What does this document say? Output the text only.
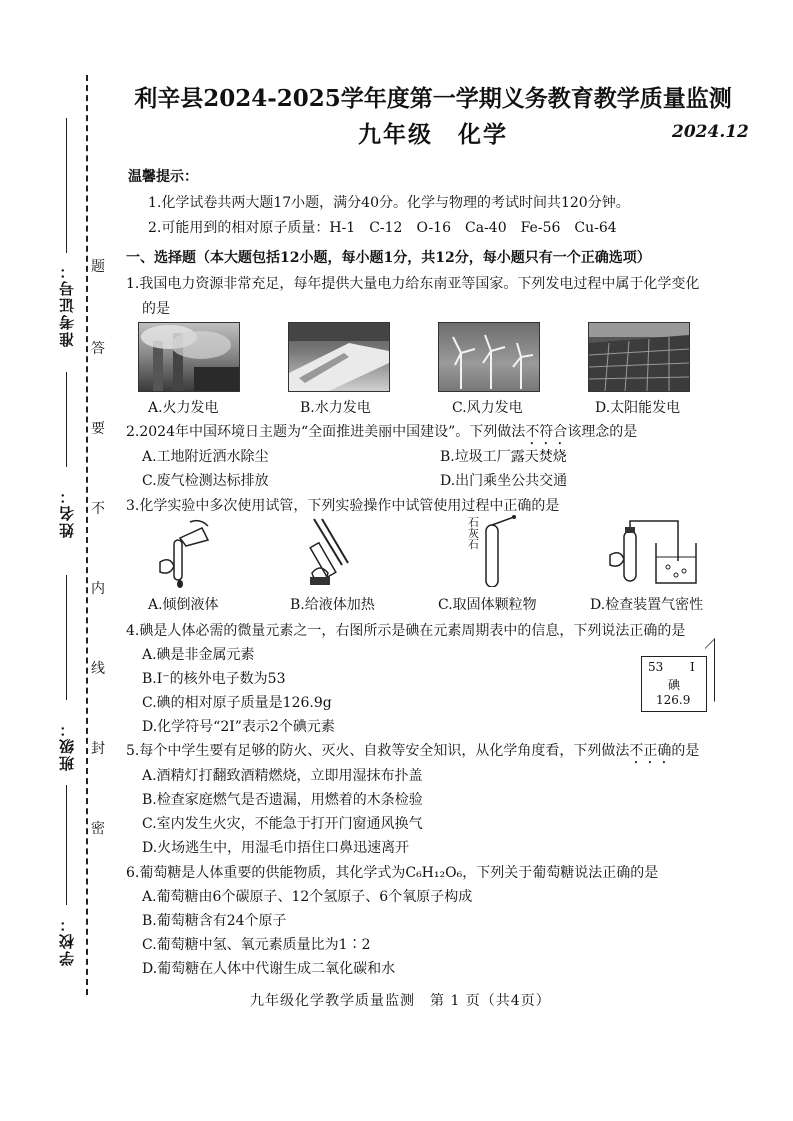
准考证号：
姓名：
班级：
学校：
题
答
要
不
内
线
封
密
利辛县2024-2025学年度第一学期义务教育教学质量监测
九年级　化学	2024.12
温馨提示：
1.化学试卷共两大题17小题，满分40分。化学与物理的考试时间共120分钟。
2.可能用到的相对原子质量：H-1　C-12　O-16　Ca-40　Fe-56　Cu-64
一、选择题（本大题包括12小题，每小题1分，共12分，每小题只有一个正确选项）
1.我国电力资源非常充足，每年提供大量电力给东南亚等国家。下列发电过程中属于化学变化
的是
A.火力发电	B.水力发电	C.风力发电	D.太阳能发电
2.2024年中国环境日主题为“全面推进美丽中国建设”。下列做法不符合该理念的是
A.工地附近洒水除尘	B.垃圾工厂露天焚烧
C.废气检测达标排放	D.出门乘坐公共交通
3.化学实验中多次使用试管，下列实验操作中试管使用过程中正确的是
石
灰
石
A.倾倒液体	B.给液体加热	C.取固体颗粒物	D.检查装置气密性
4.碘是人体必需的微量元素之一，右图所示是碘在元素周期表中的信息，下列说法正确的是
A.碘是非金属元素
B.I⁻的核外电子数为53
C.碘的相对原子质量是126.9g
D.化学符号“2I”表示2个碘元素
53 I
碘
126.9
5.每个中学生要有足够的防火、灭火、自救等安全知识，从化学角度看，下列做法不正确的是
A.酒精灯打翻致酒精燃烧，立即用湿抹布扑盖
B.检查家庭燃气是否遗漏，用燃着的木条检验
C.室内发生火灾，不能急于打开门窗通风换气
D.火场逃生中，用湿毛巾捂住口鼻迅速离开
6.葡萄糖是人体重要的供能物质，其化学式为C₆H₁₂O₆，下列关于葡萄糖说法正确的是
A.葡萄糖由6个碳原子、12个氢原子、6个氧原子构成
B.葡萄糖含有24个原子
C.葡萄糖中氢、氧元素质量比为1∶2
D.葡萄糖在人体中代谢生成二氧化碳和水
九年级化学教学质量监测　第 1 页（共4页）
